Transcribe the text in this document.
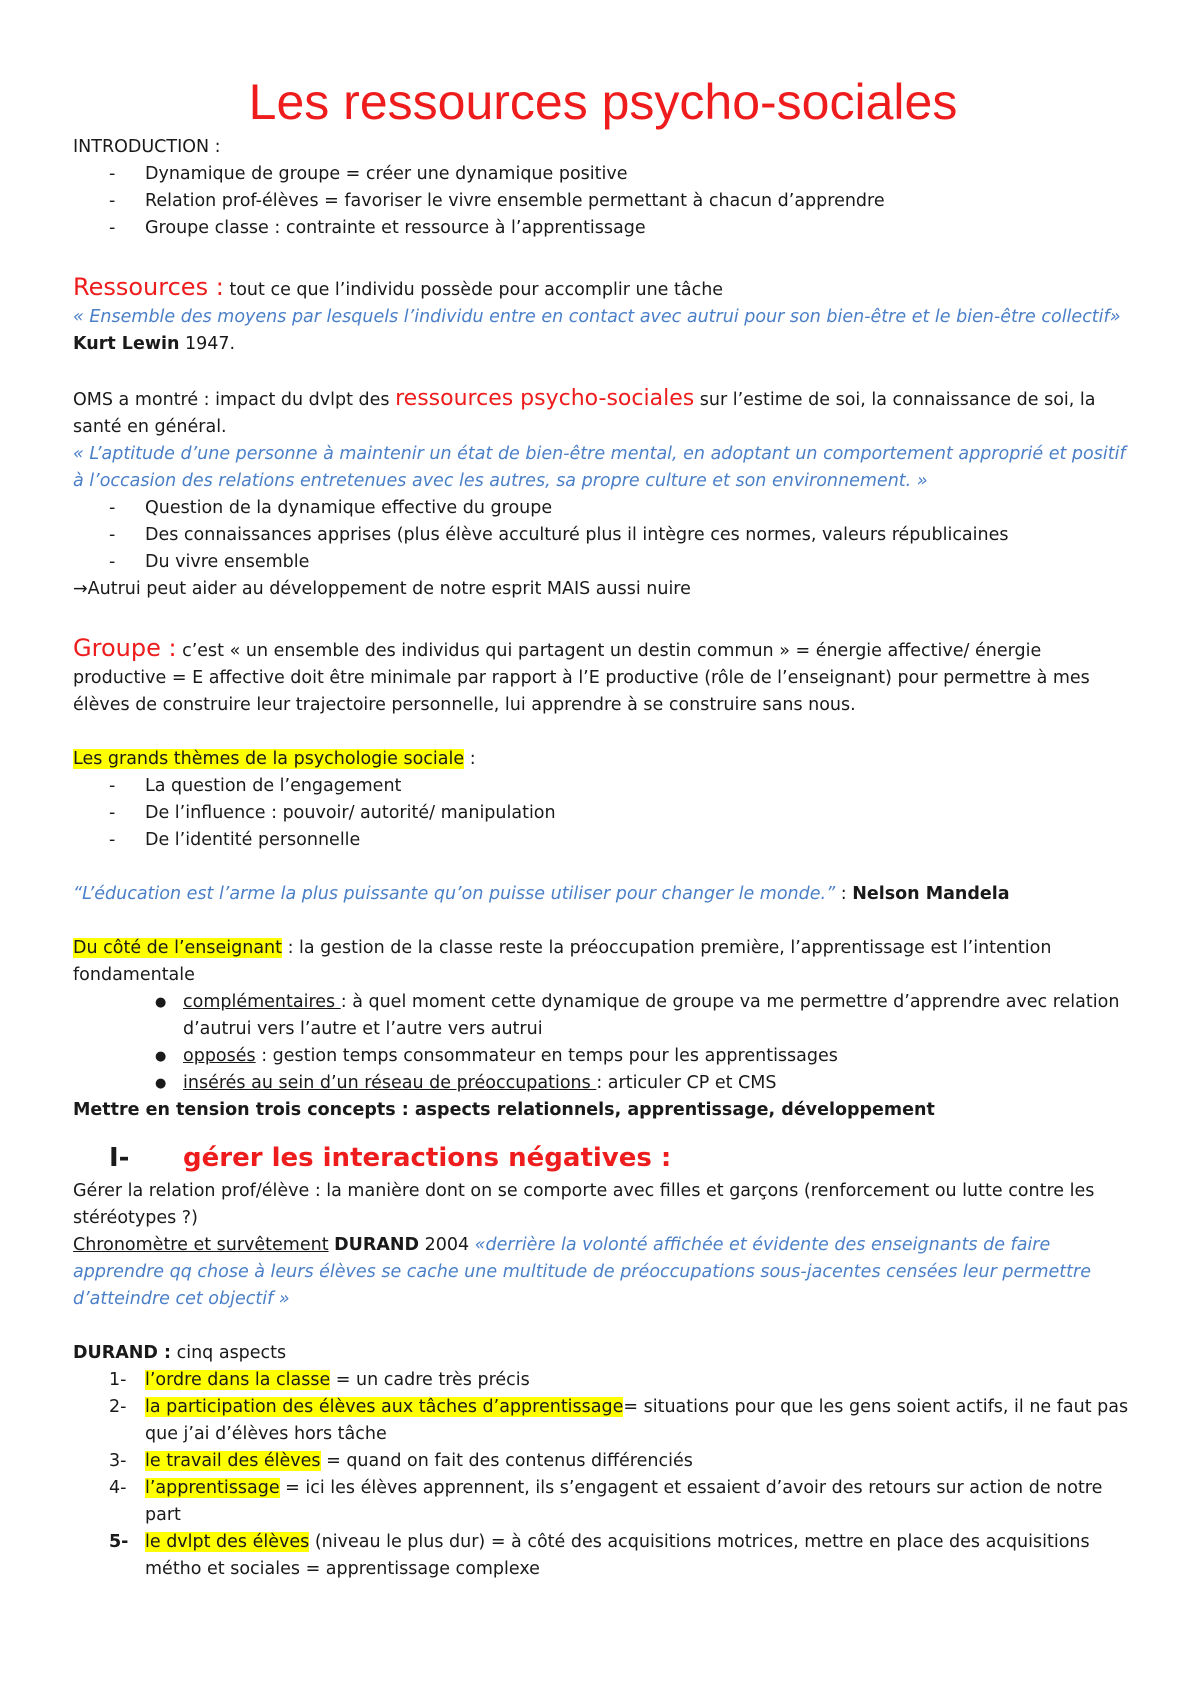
Les ressources psycho-sociales

INTRODUCTION :

- Dynamique de groupe = créer une dynamique positive
- Relation prof-élèves = favoriser le vivre ensemble permettant à chacun d’apprendre
- Groupe classe : contrainte et ressource à l’apprentissage

Ressources : tout ce que l’individu possède pour accomplir une tâche

« Ensemble des moyens par lesquels l’individu entre en contact avec autrui pour son bien-être et le bien-être collectif»

Kurt Lewin 1947.

OMS a montré : impact du dvlpt des ressources psycho-sociales sur l’estime de soi, la connaissance de soi, la santé en général.

« L’aptitude d’une personne à maintenir un état de bien-être mental, en adoptant un comportement approprié et positif à l’occasion des relations entretenues avec les autres, sa propre culture et son environnement. »

- Question de la dynamique effective du groupe
- Des connaissances apprises (plus élève acculturé plus il intègre ces normes, valeurs républicaines
- Du vivre ensemble

→Autrui peut aider au développement de notre esprit MAIS aussi nuire

Groupe : c’est « un ensemble des individus qui partagent un destin commun » = énergie affective/ énergie productive = E affective doit être minimale par rapport à l’E productive (rôle de l’enseignant) pour permettre à mes élèves de construire leur trajectoire personnelle, lui apprendre à se construire sans nous.

Les grands thèmes de la psychologie sociale :

- La question de l’engagement
- De l’influence : pouvoir/ autorité/ manipulation
- De l’identité personnelle

“L’éducation est l’arme la plus puissante qu’on puisse utiliser pour changer le monde.” : Nelson Mandela

Du côté de l’enseignant : la gestion de la classe reste la préoccupation première, l’apprentissage est l’intention fondamentale

● complémentaires : à quel moment cette dynamique de groupe va me permettre d’apprendre avec relation d’autrui vers l’autre et l’autre vers autrui
● opposés : gestion temps consommateur en temps pour les apprentissages
● insérés au sein d’un réseau de préoccupations : articuler CP et CMS

Mettre en tension trois concepts : aspects relationnels, apprentissage, développement

I- gérer les interactions négatives :

Gérer la relation prof/élève : la manière dont on se comporte avec filles et garçons (renforcement ou lutte contre les stéréotypes ?)

Chronomètre et survêtement DURAND 2004 «derrière la volonté affichée et évidente des enseignants de faire apprendre qq chose à leurs élèves se cache une multitude de préoccupations sous-jacentes censées leur permettre d’atteindre cet objectif »

DURAND : cinq aspects

1- l’ordre dans la classe = un cadre très précis
2- la participation des élèves aux tâches d’apprentissage= situations pour que les gens soient actifs, il ne faut pas que j’ai d’élèves hors tâche
3- le travail des élèves = quand on fait des contenus différenciés
4- l’apprentissage = ici les élèves apprennent, ils s’engagent et essaient d’avoir des retours sur action de notre part
5- le dvlpt des élèves (niveau le plus dur) = à côté des acquisitions motrices, mettre en place des acquisitions métho et sociales = apprentissage complexe
